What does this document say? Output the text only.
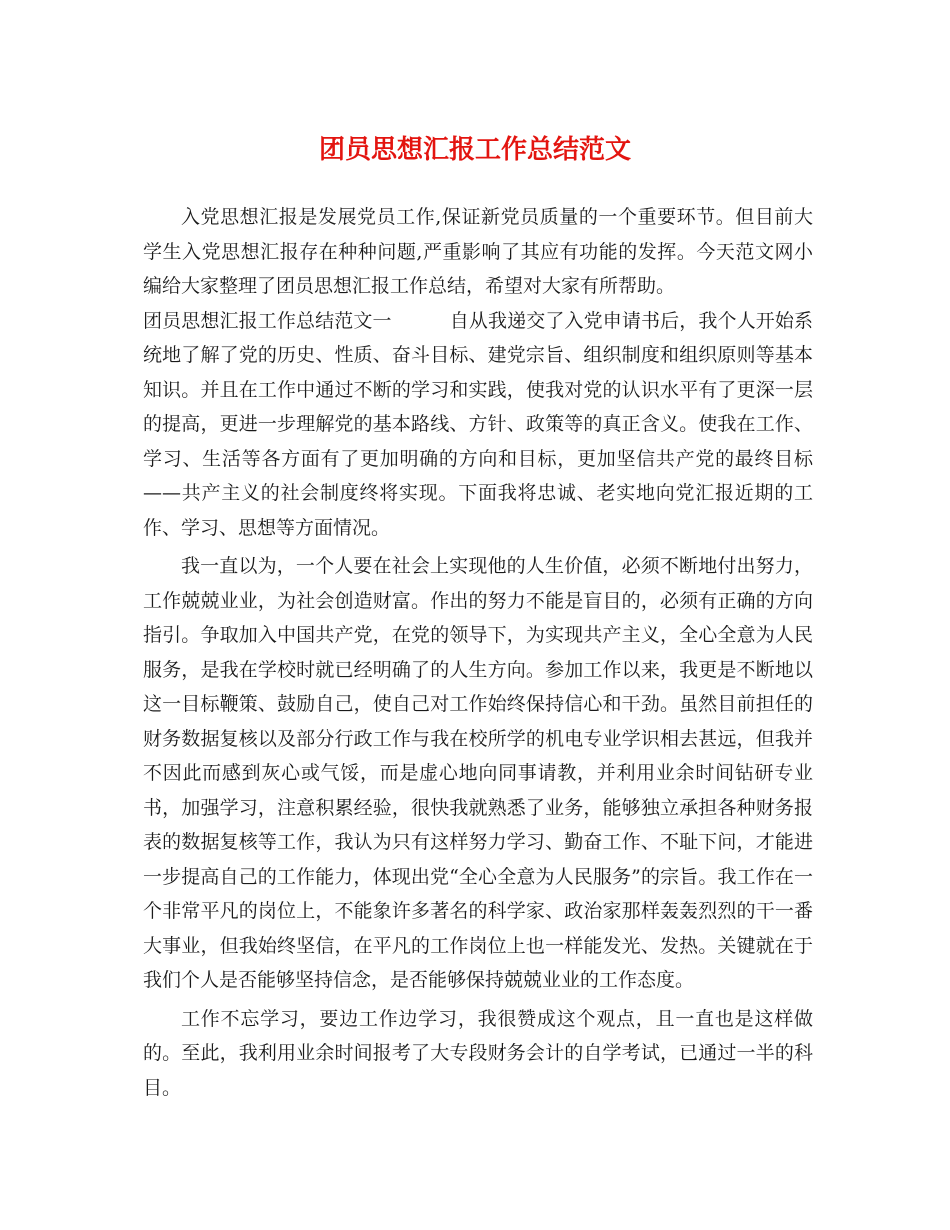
团员思想汇报工作总结范文

入党思想汇报是发展党员工作,保证新党员质量的一个重要环节。但目前大学生入党思想汇报存在种种问题,严重影响了其应有功能的发挥。今天范文网小编给大家整理了团员思想汇报工作总结，希望对大家有所帮助。

团员思想汇报工作总结范文一	自从我递交了入党申请书后，我个人开始系统地了解了党的历史、性质、奋斗目标、建党宗旨、组织制度和组织原则等基本知识。并且在工作中通过不断的学习和实践，使我对党的认识水平有了更深一层的提高，更进一步理解党的基本路线、方针、政策等的真正含义。使我在工作、学习、生活等各方面有了更加明确的方向和目标，更加坚信共产党的最终目标——共产主义的社会制度终将实现。下面我将忠诚、老实地向党汇报近期的工作、学习、思想等方面情况。

我一直以为，一个人要在社会上实现他的人生价值，必须不断地付出努力，工作兢兢业业，为社会创造财富。作出的努力不能是盲目的，必须有正确的方向指引。争取加入中国共产党，在党的领导下，为实现共产主义，全心全意为人民服务，是我在学校时就已经明确了的人生方向。参加工作以来，我更是不断地以这一目标鞭策、鼓励自己，使自己对工作始终保持信心和干劲。虽然目前担任的财务数据复核以及部分行政工作与我在校所学的机电专业学识相去甚远，但我并不因此而感到灰心或气馁，而是虚心地向同事请教，并利用业余时间钻研专业书，加强学习，注意积累经验，很快我就熟悉了业务，能够独立承担各种财务报表的数据复核等工作，我认为只有这样努力学习、勤奋工作、不耻下问，才能进一步提高自己的工作能力，体现出党“全心全意为人民服务”的宗旨。我工作在一个非常平凡的岗位上，不能象许多著名的科学家、政治家那样轰轰烈烈的干一番大事业，但我始终坚信，在平凡的工作岗位上也一样能发光、发热。关键就在于我们个人是否能够坚持信念，是否能够保持兢兢业业的工作态度。

工作不忘学习，要边工作边学习，我很赞成这个观点，且一直也是这样做的。至此，我利用业余时间报考了大专段财务会计的自学考试，已通过一半的科目。
